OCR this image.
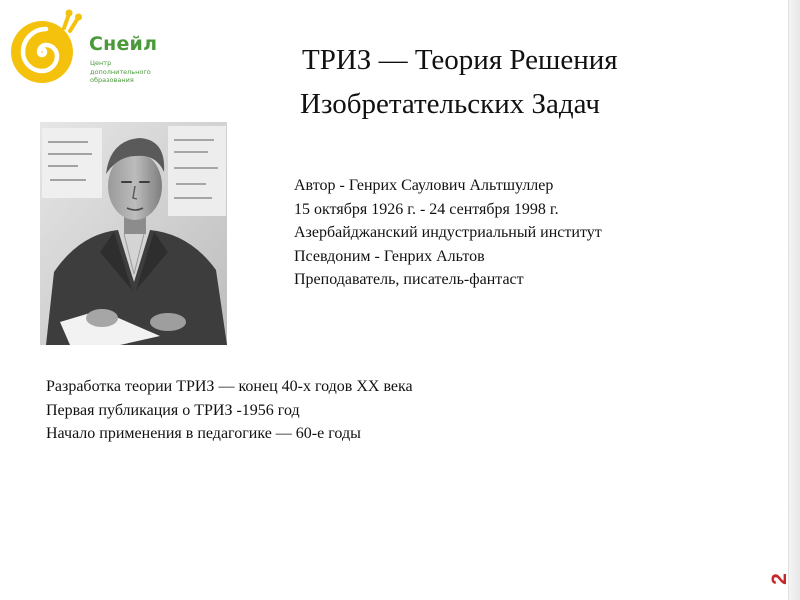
Снейл
Центр дополнительного образования
ТРИЗ — Теория Решения
Изобретательских Задач
Автор - Генрих Саулович Альтшуллер
15 октября 1926 г. - 24 сентября 1998 г.
Азербайджанский индустриальный институт
Псевдоним - Генрих Альтов
Преподаватель, писатель-фантаст
Разработка теории ТРИЗ — конец 40-х годов XX века
Первая публикация о ТРИЗ -1956 год
Начало применения в педагогике — 60-е годы
2
